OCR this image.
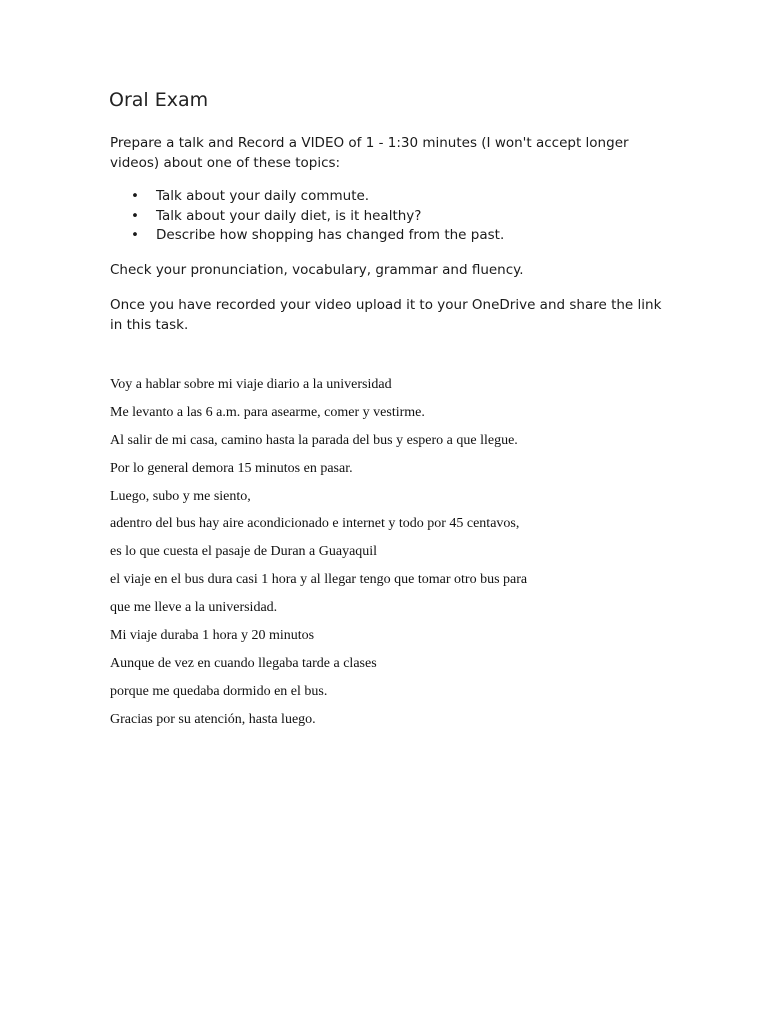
Oral Exam

Prepare a talk and Record a VIDEO of 1 - 1:30 minutes (I won't accept longer videos) about one of these topics:

• Talk about your daily commute.
• Talk about your daily diet, is it healthy?
• Describe how shopping has changed from the past.

Check your pronunciation, vocabulary, grammar and fluency.

Once you have recorded your video upload it to your OneDrive and share the link in this task.

Voy a hablar sobre mi viaje diario a la universidad
Me levanto a las 6 a.m. para asearme, comer y vestirme.
Al salir de mi casa, camino hasta la parada del bus y espero a que llegue.
Por lo general demora 15 minutos en pasar.
Luego, subo y me siento,
adentro del bus hay aire acondicionado e internet y todo por 45 centavos,
es lo que cuesta el pasaje de Duran a Guayaquil
el viaje en el bus dura casi 1 hora y al llegar tengo que tomar otro bus para
que me lleve a la universidad.
Mi viaje duraba 1 hora y 20 minutos
Aunque de vez en cuando llegaba tarde a clases
porque me quedaba dormido en el bus.
Gracias por su atención, hasta luego.
